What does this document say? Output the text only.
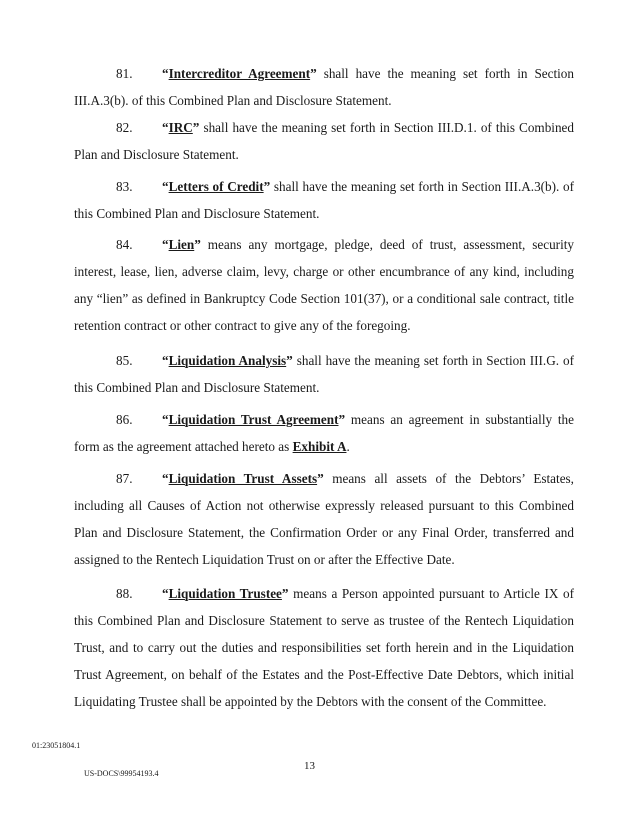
81. “Intercreditor Agreement” shall have the meaning set forth in Section III.A.3(b). of this Combined Plan and Disclosure Statement.

82. “IRC” shall have the meaning set forth in Section III.D.1. of this Combined Plan and Disclosure Statement.

83. “Letters of Credit” shall have the meaning set forth in Section III.A.3(b). of this Combined Plan and Disclosure Statement.

84. “Lien” means any mortgage, pledge, deed of trust, assessment, security interest, lease, lien, adverse claim, levy, charge or other encumbrance of any kind, including any “lien” as defined in Bankruptcy Code Section 101(37), or a conditional sale contract, title retention contract or other contract to give any of the foregoing.

85. “Liquidation Analysis” shall have the meaning set forth in Section III.G. of this Combined Plan and Disclosure Statement.

86. “Liquidation Trust Agreement” means an agreement in substantially the form as the agreement attached hereto as Exhibit A.

87. “Liquidation Trust Assets” means all assets of the Debtors’ Estates, including all Causes of Action not otherwise expressly released pursuant to this Combined Plan and Disclosure Statement, the Confirmation Order or any Final Order, transferred and assigned to the Rentech Liquidation Trust on or after the Effective Date.

88. “Liquidation Trustee” means a Person appointed pursuant to Article IX of this Combined Plan and Disclosure Statement to serve as trustee of the Rentech Liquidation Trust, and to carry out the duties and responsibilities set forth herein and in the Liquidation Trust Agreement, on behalf of the Estates and the Post-Effective Date Debtors, which initial Liquidating Trustee shall be appointed by the Debtors with the consent of the Committee.

01:23051804.1
13
US-DOCS\99954193.4
